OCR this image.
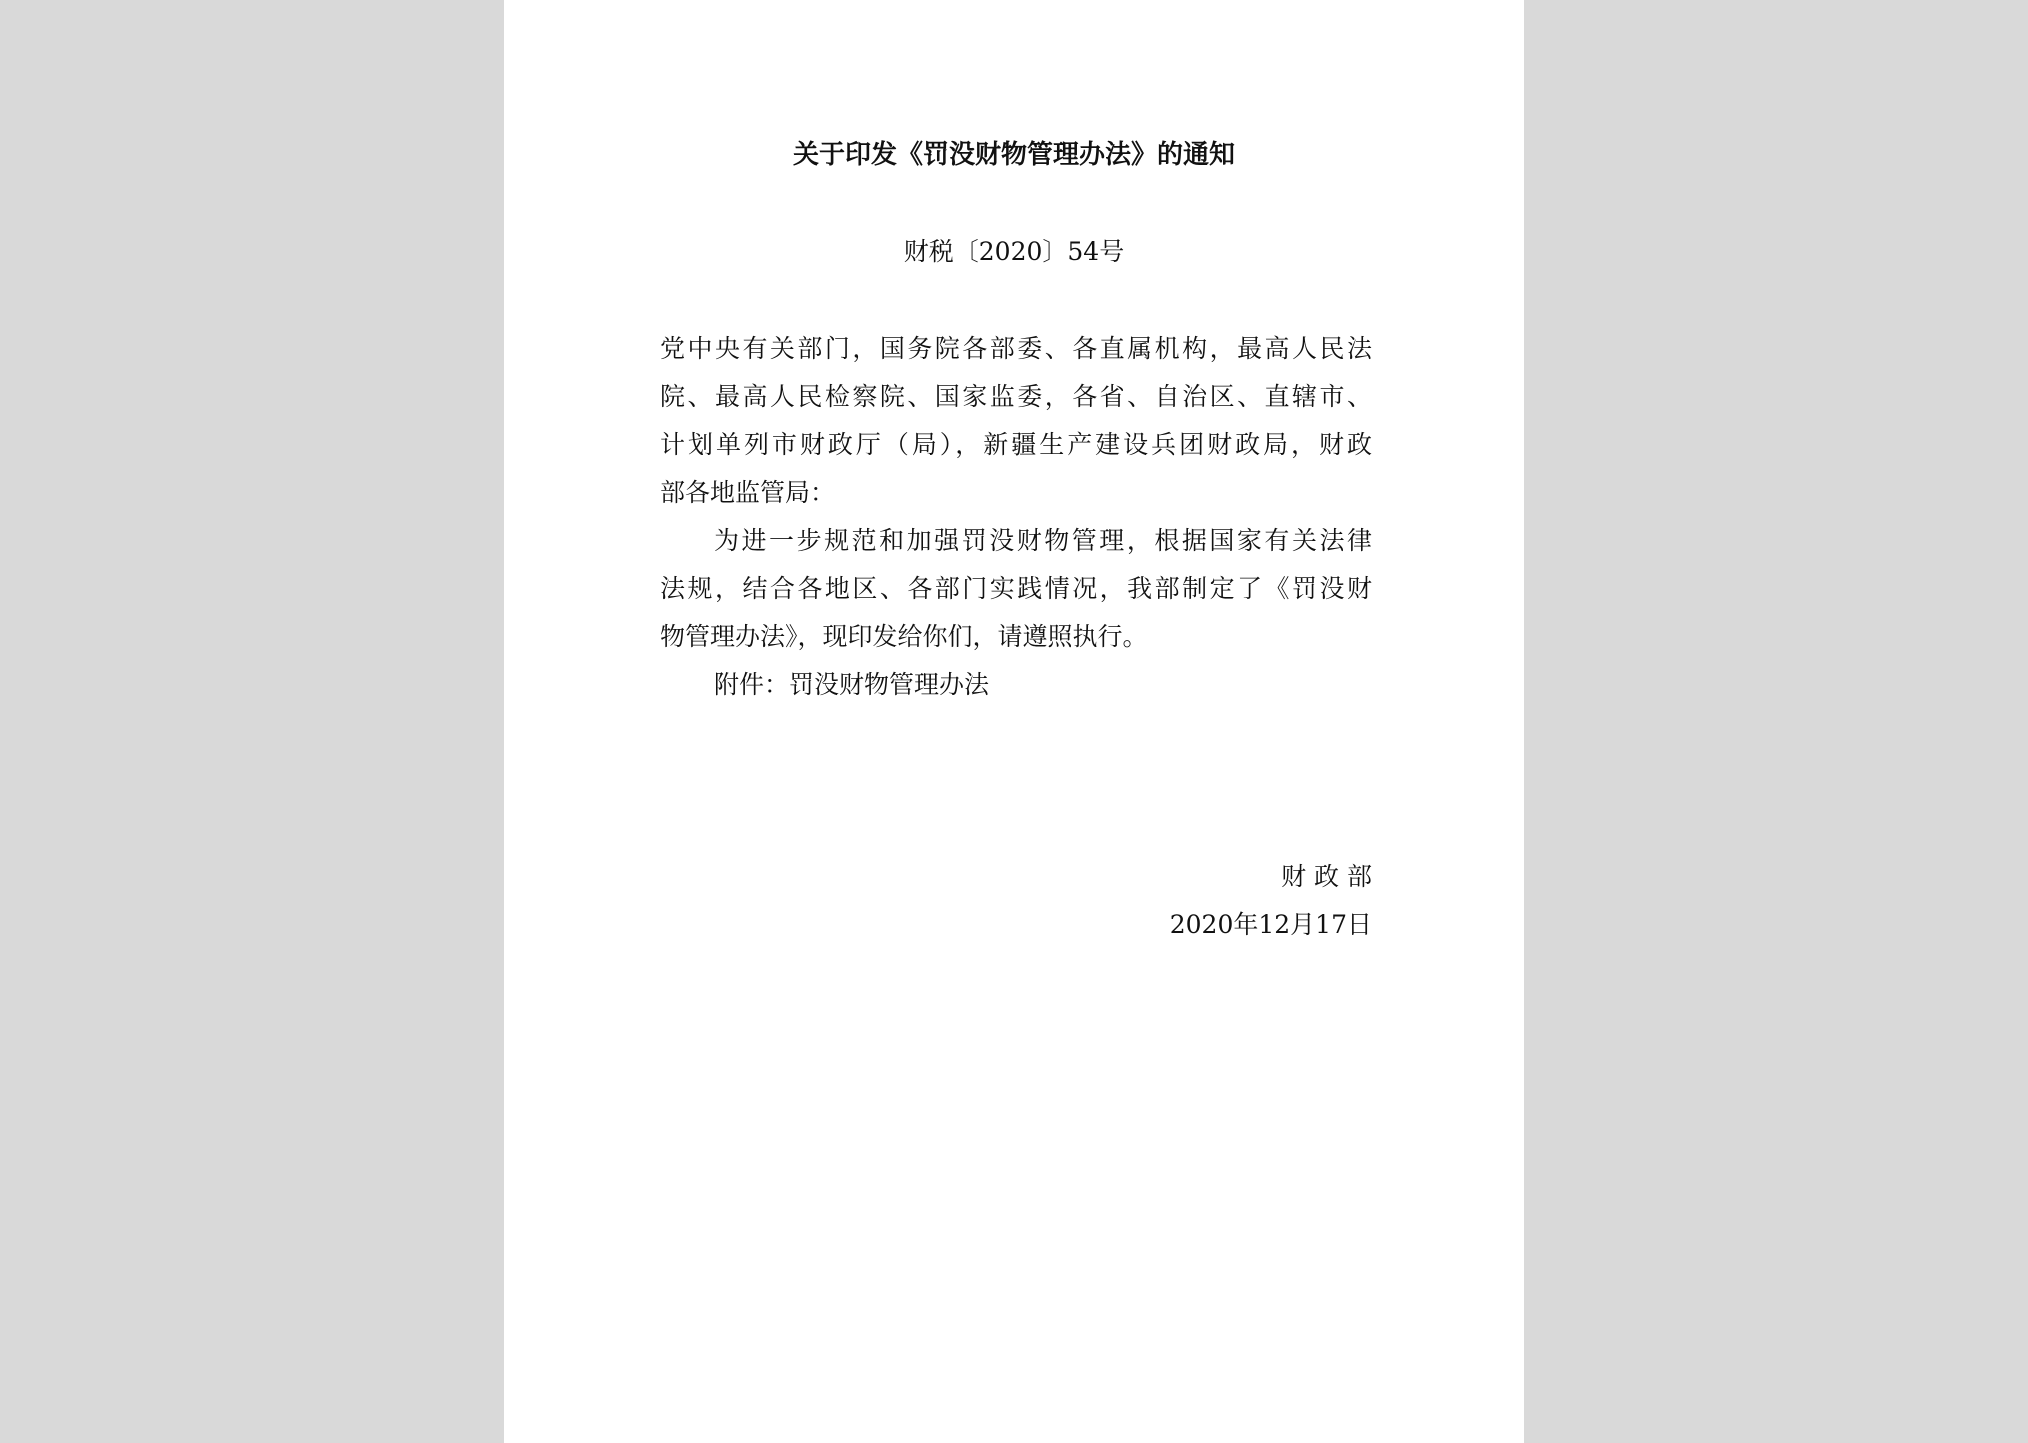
关于印发《罚没财物管理办法》的通知

财税〔2020〕54号

党中央有关部门，国务院各部委、各直属机构，最高人民法
院、最高人民检察院、国家监委，各省、自治区、直辖市、
计划单列市财政厅（局），新疆生产建设兵团财政局，财政
部各地监管局：
为进一步规范和加强罚没财物管理，根据国家有关法律
法规，结合各地区、各部门实践情况，我部制定了《罚没财
物管理办法》，现印发给你们，请遵照执行。
附件：罚没财物管理办法
财 政 部
2020年12月17日
